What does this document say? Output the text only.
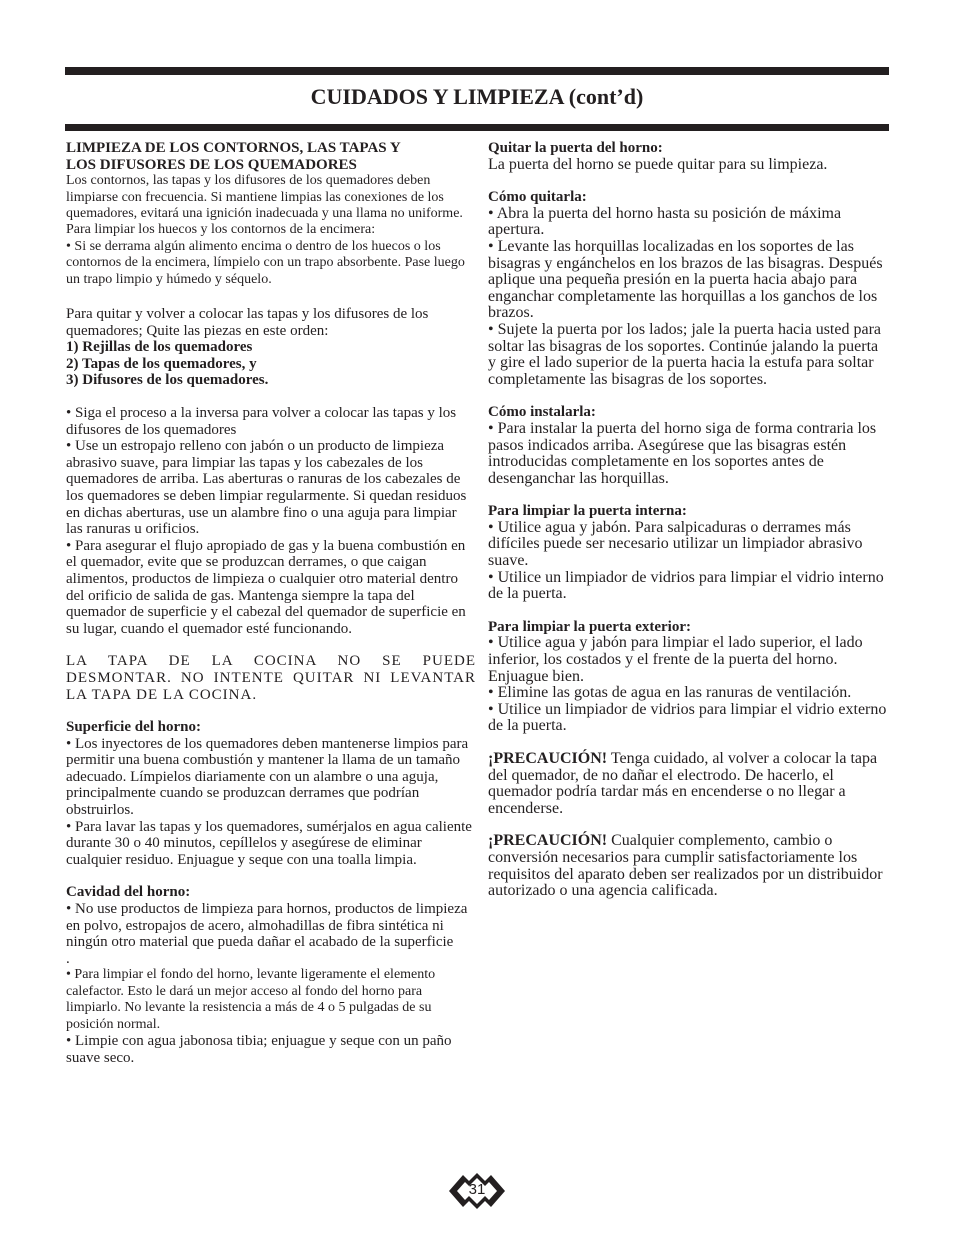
CUIDADOS Y LIMPIEZA (cont’d)

LIMPIEZA DE LOS CONTORNOS, LAS TAPAS Y
LOS DIFUSORES DE LOS QUEMADORES

Los contornos, las tapas y los difusores de los quemadores deben limpiarse con frecuencia. Si mantiene limpias las conexiones de los quemadores, evitará una ignición inadecuada y una llama no uniforme. Para limpiar los huecos y los contornos de la encimera:

• Si se derrama algún alimento encima o dentro de los huecos o los contornos de la encimera, límpielo con un trapo absorbente. Pase luego un trapo limpio y húmedo y séquelo.

Para quitar y volver a colocar las tapas y los difusores de los quemadores; Quite las piezas en este orden:

1) Rejillas de los quemadores

2) Tapas de los quemadores, y

3) Difusores de los quemadores.

• Siga el proceso a la inversa para volver a colocar las tapas y los difusores de los quemadores

• Use un estropajo relleno con jabón o un producto de limpieza abrasivo suave, para limpiar las tapas y los cabezales de los quemadores de arriba. Las aberturas o ranuras de los cabezales de los quemadores se deben limpiar regularmente. Si quedan residuos en dichas aberturas, use un alambre fino o una aguja para limpiar las ranuras u orificios.

• Para asegurar el flujo apropiado de gas y la buena combustión en el quemador, evite que se produzcan derrames, o que caigan alimentos, productos de limpieza o cualquier otro material dentro del orificio de salida de gas. Mantenga siempre la tapa del quemador de superficie y el cabezal del quemador de superficie en su lugar, cuando el quemador esté funcionando.

LA TAPA DE LA COCINA NO SE PUEDE

DESMONTAR. NO INTENTE QUITAR NI LEVANTAR

LA TAPA DE LA COCINA.

Superficie del horno:

• Los inyectores de los quemadores deben mantenerse limpios para permitir una buena combustión y mantener la llama de un tamaño adecuado. Límpielos diariamente con un alambre o una aguja, principalmente cuando se produzcan derrames que podrían obstruirlos.

• Para lavar las tapas y los quemadores, sumérjalos en agua caliente durante 30 o 40 minutos, cepíllelos y asegúrese de eliminar cualquier residuo. Enjuague y seque con una toalla limpia.

Cavidad del horno:

• No use productos de limpieza para hornos, productos de limpieza en polvo, estropajos de acero, almohadillas de fibra sintética ni ningún otro material que pueda dañar el acabado de la superficie

.

• Para limpiar el fondo del horno, levante ligeramente el elemento calefactor. Esto le dará un mejor acceso al fondo del horno para limpiarlo. No levante la resistencia a más de 4 o 5 pulgadas de su posición normal.

• Limpie con agua jabonosa tibia; enjuague y seque con un paño suave seco.

Quitar la puerta del horno:

La puerta del horno se puede quitar para su limpieza.

Cómo quitarla:

• Abra la puerta del horno hasta su posición de máxima apertura.

• Levante las horquillas localizadas en los soportes de las bisagras y engánchelos en los brazos de las bisagras. Después aplique una pequeña presión en la puerta hacia abajo para enganchar completamente las horquillas a los ganchos de los brazos.

• Sujete la puerta por los lados; jale la puerta hacia usted para soltar las bisagras de los soportes. Continúe jalando la puerta y gire el lado superior de la puerta hacia la estufa para soltar completamente las bisagras de los soportes.

Cómo instalarla:

• Para instalar la puerta del horno siga de forma contraria los pasos indicados arriba. Asegúrese que las bisagras estén introducidas completamente en los soportes antes de desenganchar las horquillas.

Para limpiar la puerta interna:

• Utilice agua y jabón. Para salpicaduras o derrames más difíciles puede ser necesario utilizar un limpiador abrasivo suave.

• Utilice un limpiador de vidrios para limpiar el vidrio interno de la puerta.

Para limpiar la puerta exterior:

• Utilice agua y jabón para limpiar el lado superior, el lado inferior, los costados y el frente de la puerta del horno. Enjuague bien.

• Elimine las gotas de agua en las ranuras de ventilación.

• Utilice un limpiador de vidrios para limpiar el vidrio externo de la puerta.

¡PRECAUCIÓN! Tenga cuidado, al volver a colocar la tapa del quemador, de no dañar el electrodo. De hacerlo, el quemador podría tardar más en encenderse o no llegar a encenderse.

¡PRECAUCIÓN! Cualquier complemento, cambio o conversión necesarios para cumplir satisfactoriamente los requisitos del aparato deben ser realizados por un distribuidor autorizado o una agencia calificada.

31
